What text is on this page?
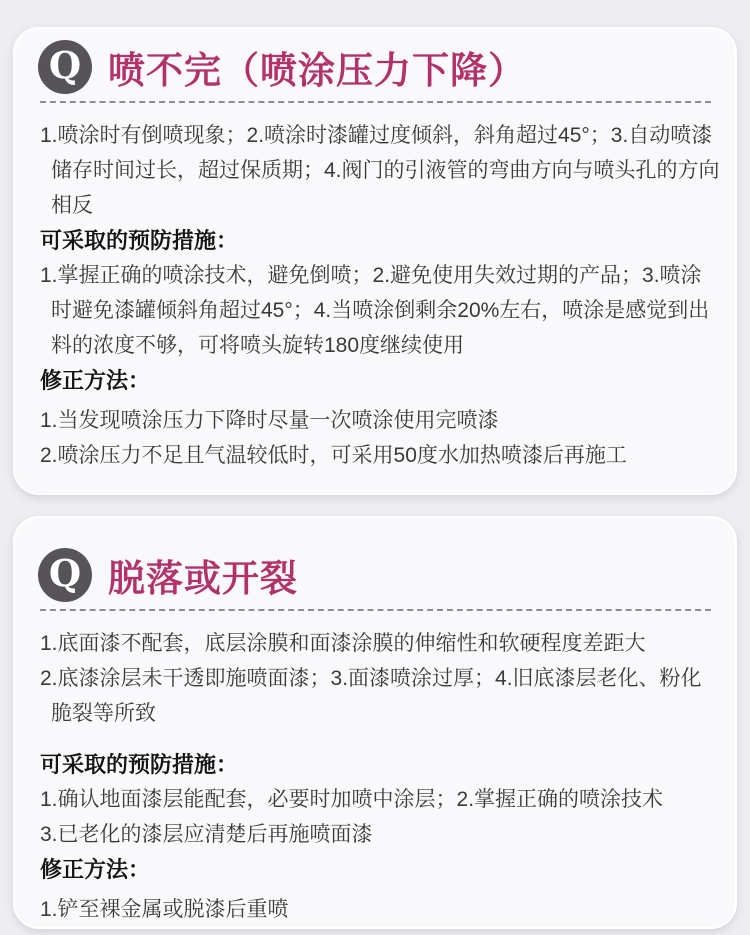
Q 喷不完（喷涂压力下降）

1.喷涂时有倒喷现象；2.喷涂时漆罐过度倾斜，斜角超过45°；3.自动喷漆储存时间过长，超过保质期；4.阀门的引液管的弯曲方向与喷头孔的方向相反

可采取的预防措施：

1.掌握正确的喷涂技术，避免倒喷；2.避免使用失效过期的产品；3.喷涂时避免漆罐倾斜角超过45°；4.当喷涂倒剩余20%左右，喷涂是感觉到出料的浓度不够，可将喷头旋转180度继续使用

修正方法：

1.当发现喷涂压力下降时尽量一次喷涂使用完喷漆

2.喷涂压力不足且气温较低时，可采用50度水加热喷漆后再施工

Q 脱落或开裂

1.底面漆不配套，底层涂膜和面漆涂膜的伸缩性和软硬程度差距大

2.底漆涂层未干透即施喷面漆；3.面漆喷涂过厚；4.旧底漆层老化、粉化脆裂等所致

可采取的预防措施：

1.确认地面漆层能配套，必要时加喷中涂层；2.掌握正确的喷涂技术

3.已老化的漆层应清楚后再施喷面漆

修正方法：

1.铲至裸金属或脱漆后重喷
